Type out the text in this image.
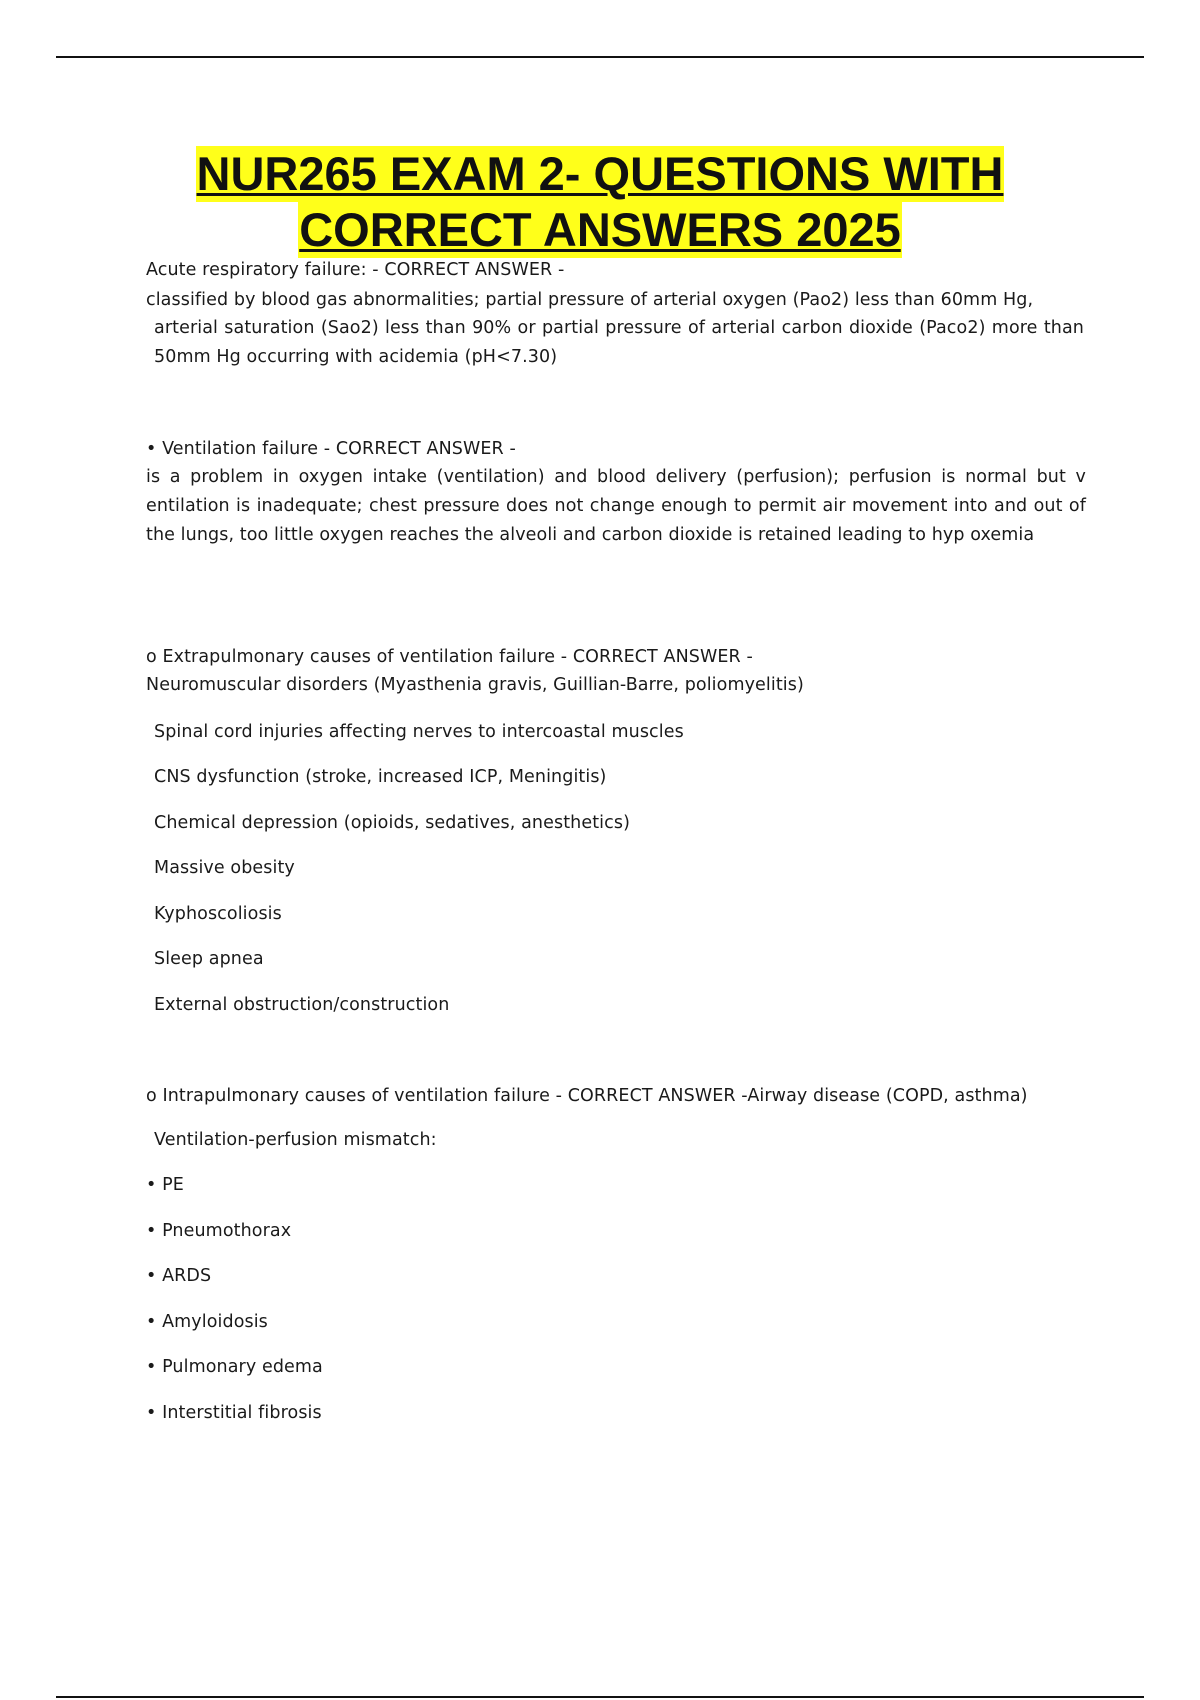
NUR265 EXAM 2- QUESTIONS WITH
CORRECT ANSWERS 2025
Acute respiratory failure: - CORRECT ANSWER -
classified by blood gas abnormalities; partial pressure of arterial oxygen (Pao2) less than 60mm Hg,
arterial saturation (Sao2) less than 90% or partial pressure of arterial carbon dioxide (Paco2) more than 50mm Hg occurring with acidemia (pH<7.30)
• Ventilation failure - CORRECT ANSWER -
is a problem in oxygen intake (ventilation) and blood delivery (perfusion); perfusion is normal but v entilation is inadequate; chest pressure does not change enough to permit air movement into and out of the lungs, too little oxygen reaches the alveoli and carbon dioxide is retained leading to hyp oxemia
o Extrapulmonary causes of ventilation failure - CORRECT ANSWER -
Neuromuscular disorders (Myasthenia gravis, Guillian-Barre, poliomyelitis)
Spinal cord injuries affecting nerves to intercoastal muscles
CNS dysfunction (stroke, increased ICP, Meningitis)
Chemical depression (opioids, sedatives, anesthetics)
Massive obesity
Kyphoscoliosis
Sleep apnea
External obstruction/construction
o Intrapulmonary causes of ventilation failure - CORRECT ANSWER -Airway disease (COPD, asthma)
Ventilation-perfusion mismatch:
• PE
• Pneumothorax
• ARDS
• Amyloidosis
• Pulmonary edema
• Interstitial fibrosis
